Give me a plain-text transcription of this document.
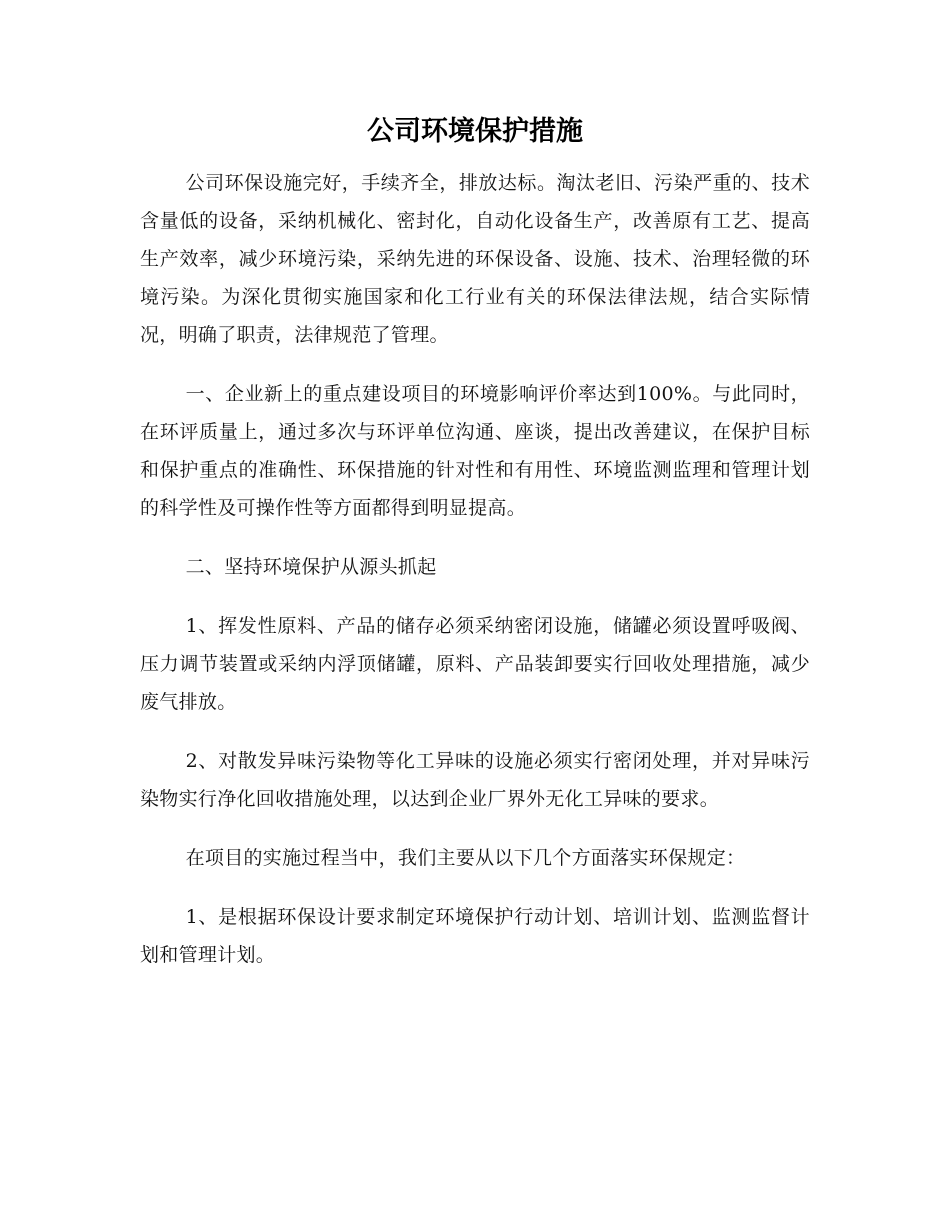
公司环境保护措施

公司环保设施完好，手续齐全，排放达标。淘汰老旧、污染严重的、技术含量低的设备，采纳机械化、密封化，自动化设备生产，改善原有工艺、提高生产效率，减少环境污染，采纳先进的环保设备、设施、技术、治理轻微的环境污染。为深化贯彻实施国家和化工行业有关的环保法律法规，结合实际情况，明确了职责，法律规范了管理。

一、企业新上的重点建设项目的环境影响评价率达到100%。与此同时，在环评质量上，通过多次与环评单位沟通、座谈，提出改善建议，在保护目标和保护重点的准确性、环保措施的针对性和有用性、环境监测监理和管理计划的科学性及可操作性等方面都得到明显提高。

二、坚持环境保护从源头抓起

1、挥发性原料、产品的储存必须采纳密闭设施，储罐必须设置呼吸阀、压力调节装置或采纳内浮顶储罐，原料、产品装卸要实行回收处理措施，减少废气排放。

2、对散发异味污染物等化工异味的设施必须实行密闭处理，并对异味污染物实行净化回收措施处理，以达到企业厂界外无化工异味的要求。

在项目的实施过程当中，我们主要从以下几个方面落实环保规定：

1、是根据环保设计要求制定环境保护行动计划、培训计划、监测监督计划和管理计划。
